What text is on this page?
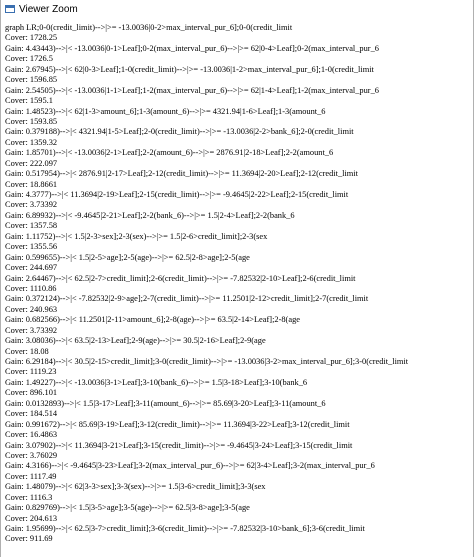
Viewer Zoom
graph LR;0-0(credit_limit)-->|>= -13.0036|0-2>max_interval_pur_6];0-0(credit_limit
Cover: 1728.25
Gain: 4.43443)-->|< -13.0036|0-1>Leaf];0-2(max_interval_pur_6)-->|>= 62|0-4>Leaf];0-2(max_interval_pur_6
Cover: 1726.5
Gain: 2.67945)-->|< 62|0-3>Leaf];1-0(credit_limit)-->|>= -13.0036|1-2>max_interval_pur_6];1-0(credit_limit
Cover: 1596.85
Gain: 2.54505)-->|< -13.0036|1-1>Leaf];1-2(max_interval_pur_6)-->|>= 62|1-4>Leaf];1-2(max_interval_pur_6
Cover: 1595.1
Gain: 1.48523)-->|< 62|1-3>amount_6];1-3(amount_6)-->|>= 4321.94|1-6>Leaf];1-3(amount_6
Cover: 1593.85
Gain: 0.379188)-->|< 4321.94|1-5>Leaf];2-0(credit_limit)-->|>= -13.0036|2-2>bank_6];2-0(credit_limit
Cover: 1359.32
Gain: 1.85701)-->|< -13.0036|2-1>Leaf];2-2(amount_6)-->|>= 2876.91|2-18>Leaf];2-2(amount_6
Cover: 222.097
Gain: 0.517954)-->|< 2876.91|2-17>Leaf];2-12(credit_limit)-->|>= 11.3694|2-20>Leaf];2-12(credit_limit
Cover: 18.8661
Gain: 4.3777)-->|< 11.3694|2-19>Leaf];2-15(credit_limit)-->|>= -9.4645|2-22>Leaf];2-15(credit_limit
Cover: 3.73392
Gain: 6.89932)-->|< -9.4645|2-21>Leaf];2-2(bank_6)-->|>= 1.5|2-4>Leaf];2-2(bank_6
Cover: 1357.58
Gain: 1.11752)-->|< 1.5|2-3>sex];2-3(sex)-->|>= 1.5|2-6>credit_limit];2-3(sex
Cover: 1355.56
Gain: 0.599655)-->|< 1.5|2-5>age];2-5(age)-->|>= 62.5|2-8>age];2-5(age
Cover: 244.697
Gain: 2.64467)-->|< 62.5|2-7>credit_limit];2-6(credit_limit)-->|>= -7.82532|2-10>Leaf];2-6(credit_limit
Cover: 1110.86
Gain: 0.372124)-->|< -7.82532|2-9>age];2-7(credit_limit)-->|>= 11.2501|2-12>credit_limit];2-7(credit_limit
Cover: 240.963
Gain: 0.682566)-->|< 11.2501|2-11>amount_6];2-8(age)-->|>= 63.5|2-14>Leaf];2-8(age
Cover: 3.73392
Gain: 3.08036)-->|< 63.5|2-13>Leaf];2-9(age)-->|>= 30.5|2-16>Leaf];2-9(age
Cover: 18.08
Gain: 6.29184)-->|< 30.5|2-15>credit_limit];3-0(credit_limit)-->|>= -13.0036|3-2>max_interval_pur_6];3-0(credit_limit
Cover: 1119.23
Gain: 1.49227)-->|< -13.0036|3-1>Leaf];3-10(bank_6)-->|>= 1.5|3-18>Leaf];3-10(bank_6
Cover: 896.101
Gain: 0.0132893)-->|< 1.5|3-17>Leaf];3-11(amount_6)-->|>= 85.69|3-20>Leaf];3-11(amount_6
Cover: 184.514
Gain: 0.991672)-->|< 85.69|3-19>Leaf];3-12(credit_limit)-->|>= 11.3694|3-22>Leaf];3-12(credit_limit
Cover: 16.4863
Gain: 3.07902)-->|< 11.3694|3-21>Leaf];3-15(credit_limit)-->|>= -9.4645|3-24>Leaf];3-15(credit_limit
Cover: 3.76029
Gain: 4.3166)-->|< -9.4645|3-23>Leaf];3-2(max_interval_pur_6)-->|>= 62|3-4>Leaf];3-2(max_interval_pur_6
Cover: 1117.49
Gain: 1.48079)-->|< 62|3-3>sex];3-3(sex)-->|>= 1.5|3-6>credit_limit];3-3(sex
Cover: 1116.3
Gain: 0.829769)-->|< 1.5|3-5>age];3-5(age)-->|>= 62.5|3-8>age];3-5(age
Cover: 204.613
Gain: 1.95699)-->|< 62.5|3-7>credit_limit];3-6(credit_limit)-->|>= -7.82532|3-10>bank_6];3-6(credit_limit
Cover: 911.69
